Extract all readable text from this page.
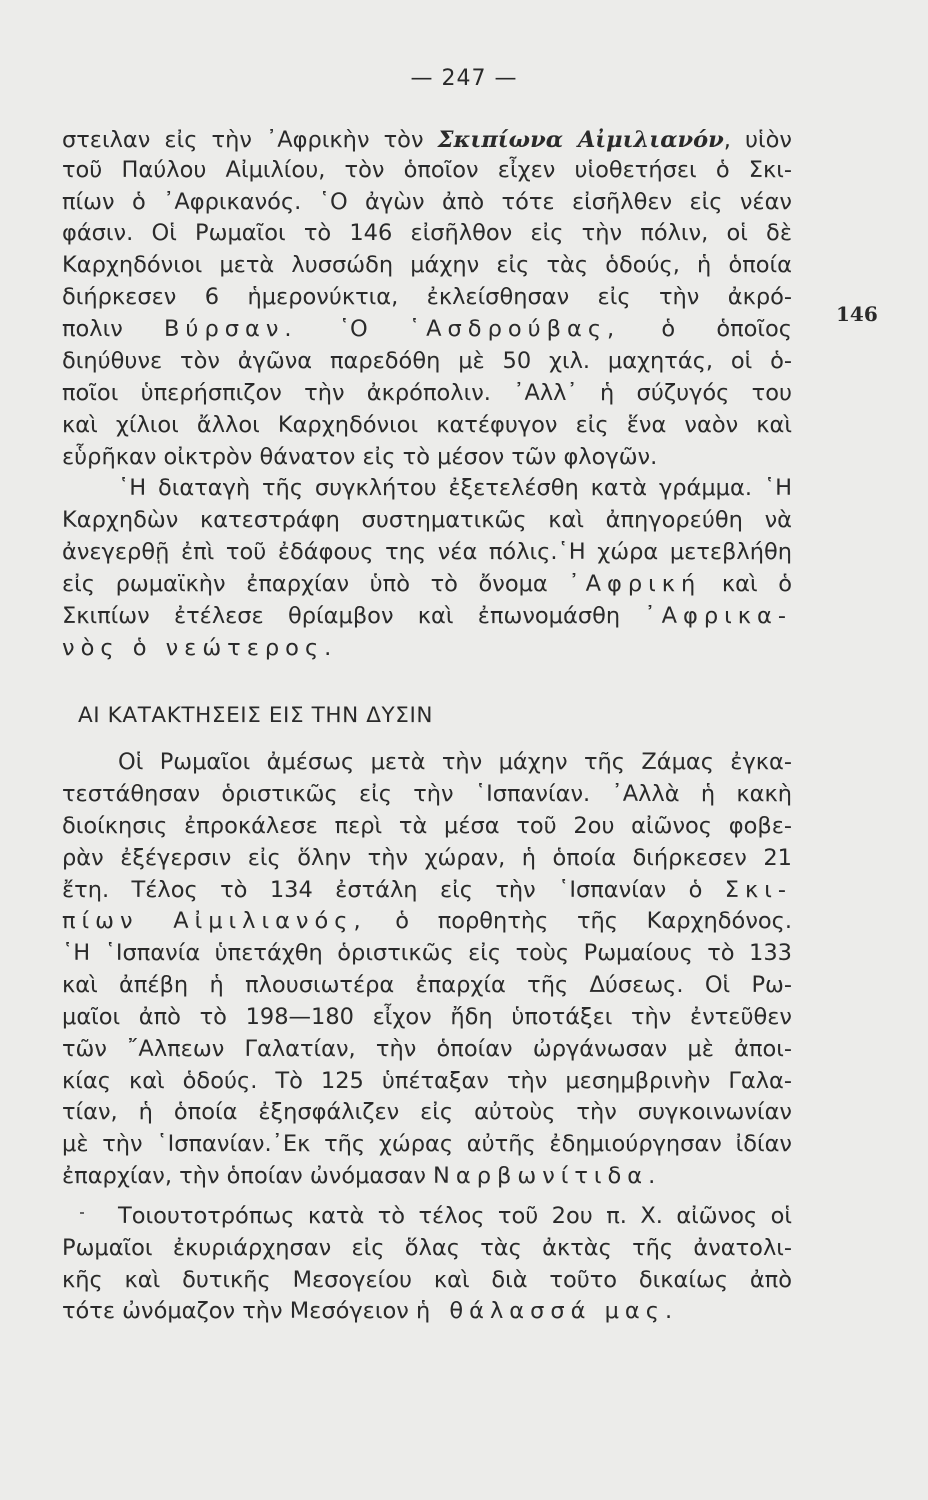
— 247 —
146
στειλαν εἰς τὴν ᾿Αφρικὴν τὸν Σκιπίωνα Αἰμιλιανόν, υἱὸν
τοῦ Παύλου Αἰμιλίου, τὸν ὁποῖον εἶχεν υἱοθετήσει ὁ Σκι-
πίων ὁ ᾿Αφρικανός. ῾Ο ἀγὼν ἀπὸ τότε εἰσῆλθεν εἰς νέαν
φάσιν. Οἱ Ρωμαῖοι τὸ 146 εἰσῆλθον εἰς τὴν πόλιν, οἱ δὲ
Καρχηδόνιοι μετὰ λυσσώδη μάχην εἰς τὰς ὁδούς, ἡ ὁποία
διήρκεσεν 6 ἡμερονύκτια, ἐκλείσθησαν εἰς τὴν ἀκρό-
πολιν Βύρσαν. ῾Ο ῾Ασδρούβας, ὁ ὁποῖος
διηύθυνε τὸν ἀγῶνα παρεδόθη μὲ 50 χιλ. μαχητάς, οἱ ὁ-
ποῖοι ὑπερήσπιζον τὴν ἀκρόπολιν. ᾿Αλλ᾿ ἡ σύζυγός του
καὶ χίλιοι ἄλλοι Καρχηδόνιοι κατέφυγον εἰς ἕνα ναὸν καὶ
εὗρῆκαν οἰκτρὸν θάνατον εἰς τὸ μέσον τῶν φλογῶν.
῾Η διαταγὴ τῆς συγκλήτου ἐξετελέσθη κατὰ γράμμα. ῾Η
Καρχηδὼν κατεστράφη συστηματικῶς καὶ ἀπηγορεύθη νὰ
ἀνεγερθῇ ἐπὶ τοῦ ἐδάφους της νέα πόλις.῾Η χώρα μετεβλήθη
εἰς ρωμαϊκὴν ἐπαρχίαν ὑπὸ τὸ ὄνομα ᾿Αφρική καὶ ὁ
Σκιπίων ἐτέλεσε θρίαμβον καὶ ἐπωνομάσθη ᾿Αφρικα-
νὸς ὁ νεώτερος.
ΑΙ ΚΑΤΑΚΤΗΣΕΙΣ ΕΙΣ ΤΗΝ ΔΥΣΙΝ
Οἱ Ρωμαῖοι ἀμέσως μετὰ τὴν μάχην τῆς Ζάμας ἐγκα-
τεστάθησαν ὁριστικῶς εἰς τὴν ῾Ισπανίαν. ᾿Αλλὰ ἡ κακὴ
διοίκησις ἐπροκάλεσε περὶ τὰ μέσα τοῦ 2ου αἰῶνος φοβε-
ρὰν ἐξέγερσιν εἰς ὅλην τὴν χώραν, ἡ ὁποία διήρκεσεν 21
ἔτη. Τέλος τὸ 134 ἐστάλη εἰς τὴν ῾Ισπανίαν ὁ Σκι-
πίων Αἰμιλιανός, ὁ πορθητὴς τῆς Καρχηδόνος.
῾Η ῾Ισπανία ὑπετάχθη ὁριστικῶς εἰς τοὺς Ρωμαίους τὸ 133
καὶ ἀπέβη ἡ πλουσιωτέρα ἐπαρχία τῆς Δύσεως. Οἱ Ρω-
μαῖοι ἀπὸ τὸ 198—180 εἶχον ἤδη ὑποτάξει τὴν ἐντεῦθεν
τῶν ῎Αλπεων Γαλατίαν, τὴν ὁποίαν ὠργάνωσαν μὲ ἀποι-
κίας καὶ ὁδούς. Τὸ 125 ὑπέταξαν τὴν μεσημβρινὴν Γαλα-
τίαν, ἡ ὁποία ἐξησφάλιζεν εἰς αὐτοὺς τὴν συγκοινωνίαν
μὲ τὴν ῾Ισπανίαν.᾿Εκ τῆς χώρας αὐτῆς ἐδημιούργησαν ἰδίαν
ἐπαρχίαν, τὴν ὁποίαν ὠνόμασαν Ναρβωνίτιδα.
Τοιουτοτρόπως κατὰ τὸ τέλος τοῦ 2ου π. Χ. αἰῶνος οἱ
Ρωμαῖοι ἐκυριάρχησαν εἰς ὅλας τὰς ἀκτὰς τῆς ἀνατολι-
κῆς καὶ δυτικῆς Μεσογείου καὶ διὰ τοῦτο δικαίως ἀπὸ
τότε ὠνόμαζον τὴν Μεσόγειον ἡ θάλασσά μας.
